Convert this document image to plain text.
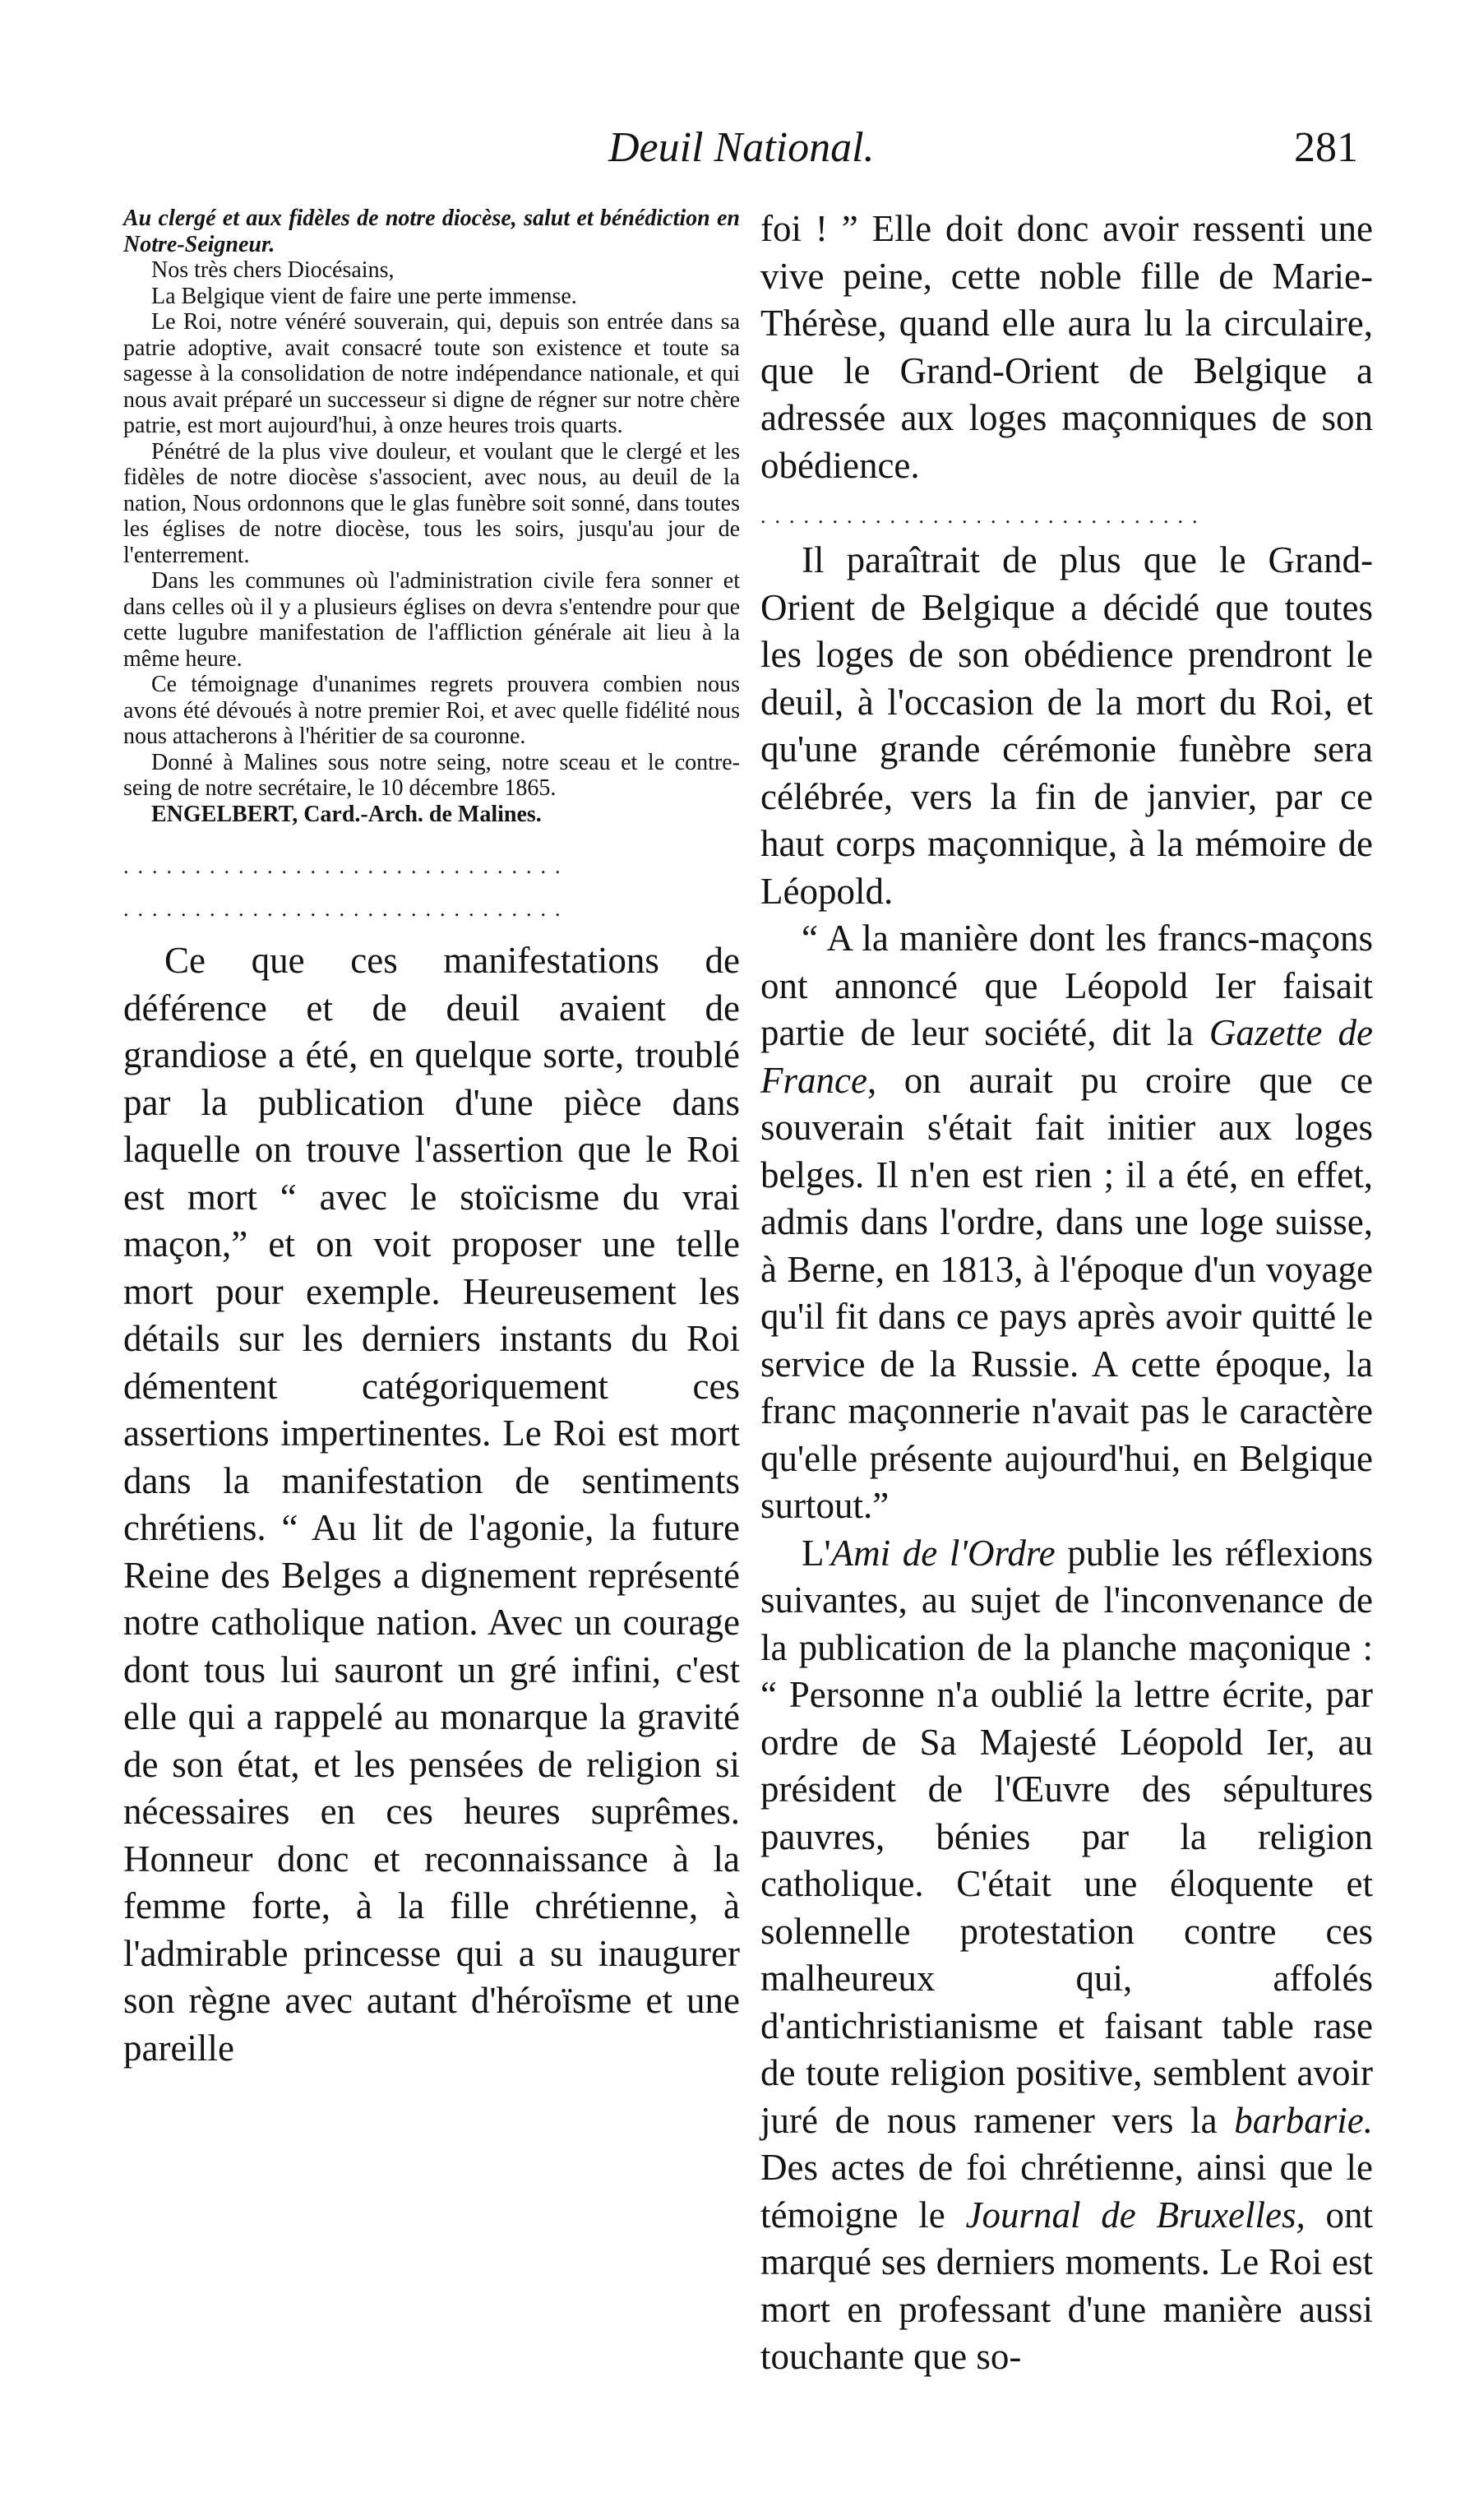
Deuil National.	281

Au clergé et aux fidèles de notre diocèse, salut et bénédiction en Notre-Seigneur.

Nos très chers Diocésains,

La Belgique vient de faire une perte immense.

Le Roi, notre vénéré souverain, qui, depuis son entrée dans sa patrie adoptive, avait consacré toute son existence et toute sa sagesse à la consolidation de notre indépendance nationale, et qui nous avait préparé un successeur si digne de régner sur notre chère patrie, est mort aujourd'hui, à onze heures trois quarts.

Pénétré de la plus vive douleur, et voulant que le clergé et les fidèles de notre diocèse s'associent, avec nous, au deuil de la nation, Nous ordonnons que le glas funèbre soit sonné, dans toutes les églises de notre diocèse, tous les soirs, jusqu'au jour de l'enterrement.

Dans les communes où l'administration civile fera sonner et dans celles où il y a plusieurs églises on devra s'entendre pour que cette lugubre manifestation de l'affliction générale ait lieu à la même heure.

Ce témoignage d'unanimes regrets prouvera combien nous avons été dévoués à notre premier Roi, et avec quelle fidélité nous nous attacherons à l'héritier de sa couronne.

Donné à Malines sous notre seing, notre sceau et le contre-seing de notre secrétaire, le 10 décembre 1865.

ENGELBERT, Card.-Arch. de Malines.

...............................
...............................

Ce que ces manifestations de déférence et de deuil avaient de grandiose a été, en quelque sorte, troublé par la publication d'une pièce dans laquelle on trouve l'assertion que le Roi est mort “ avec le stoïcisme du vrai maçon,” et on voit proposer une telle mort pour exemple. Heureusement les détails sur les derniers instants du Roi démentent catégoriquement ces assertions impertinentes. Le Roi est mort dans la manifestation de sentiments chrétiens. “ Au lit de l'agonie, la future Reine des Belges a dignement représenté notre catholique nation. Avec un courage dont tous lui sauront un gré infini, c'est elle qui a rappelé au monarque la gravité de son état, et les pensées de religion si nécessaires en ces heures suprêmes. Honneur donc et reconnaissance à la femme forte, à la fille chrétienne, à l'admirable princesse qui a su inaugurer son règne avec autant d'héroïsme et une pareille

foi ! ” Elle doit donc avoir ressenti une vive peine, cette noble fille de Marie-Thérèse, quand elle aura lu la circulaire, que le Grand-Orient de Belgique a adressée aux loges maçonniques de son obédience.

...............................

Il paraîtrait de plus que le Grand-Orient de Belgique a décidé que toutes les loges de son obédience prendront le deuil, à l'occasion de la mort du Roi, et qu'une grande cérémonie funèbre sera célébrée, vers la fin de janvier, par ce haut corps maçonnique, à la mémoire de Léopold.

“ A la manière dont les francs-maçons ont annoncé que Léopold Ier faisait partie de leur société, dit la Gazette de France, on aurait pu croire que ce souverain s'était fait initier aux loges belges. Il n'en est rien ; il a été, en effet, admis dans l'ordre, dans une loge suisse, à Berne, en 1813, à l'époque d'un voyage qu'il fit dans ce pays après avoir quitté le service de la Russie. A cette époque, la franc maçonnerie n'avait pas le caractère qu'elle présente aujourd'hui, en Belgique surtout.”

L'Ami de l'Ordre publie les réflexions suivantes, au sujet de l'inconvenance de la publication de la planche maçonique : “ Personne n'a oublié la lettre écrite, par ordre de Sa Majesté Léopold Ier, au président de l'Œuvre des sépultures pauvres, bénies par la religion catholique. C'était une éloquente et solennelle protestation contre ces malheureux qui, affolés d'antichristianisme et faisant table rase de toute religion positive, semblent avoir juré de nous ramener vers la barbarie. Des actes de foi chrétienne, ainsi que le témoigne le Journal de Bruxelles, ont marqué ses derniers moments. Le Roi est mort en professant d'une manière aussi touchante que so-
